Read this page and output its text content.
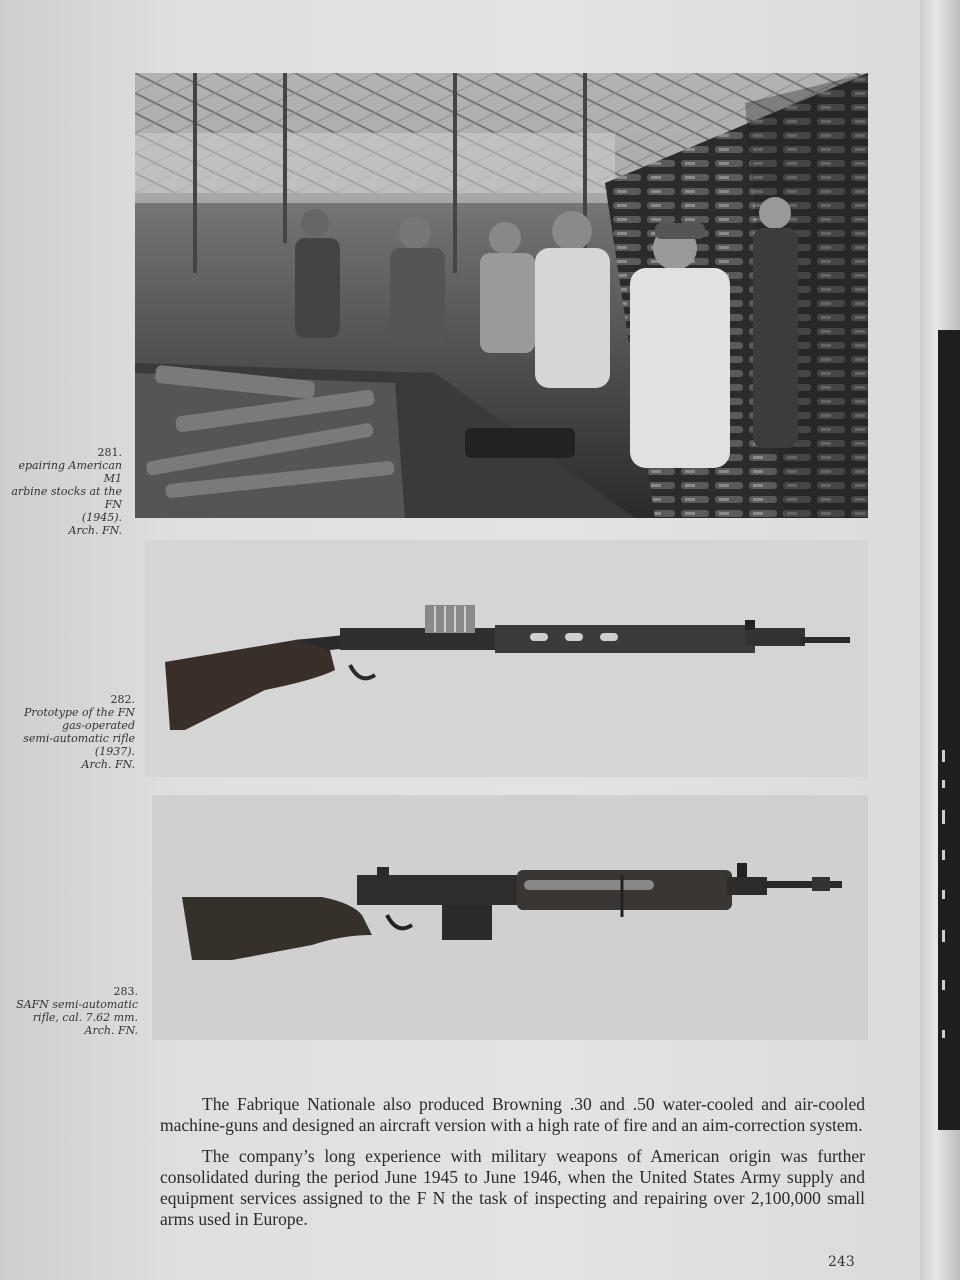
281.
epairing American M1
arbine stocks at the FN
(1945).
Arch. FN.
282.
Prototype of the FN
gas-operated
semi-automatic rifle
(1937).
Arch. FN.
283.
SAFN semi-automatic
rifle, cal. 7.62 mm.
Arch. FN.

The Fabrique Nationale also produced Browning .30 and .50 water-cooled and air-cooled machine-guns and designed an aircraft version with a high rate of fire and an aim-correction system.

The company’s long experience with military weapons of American origin was further consolidated during the period June 1945 to June 1946, when the United States Army supply and equipment services assigned to the F N the task of inspecting and repairing over 2,100,000 small arms used in Europe.

243
